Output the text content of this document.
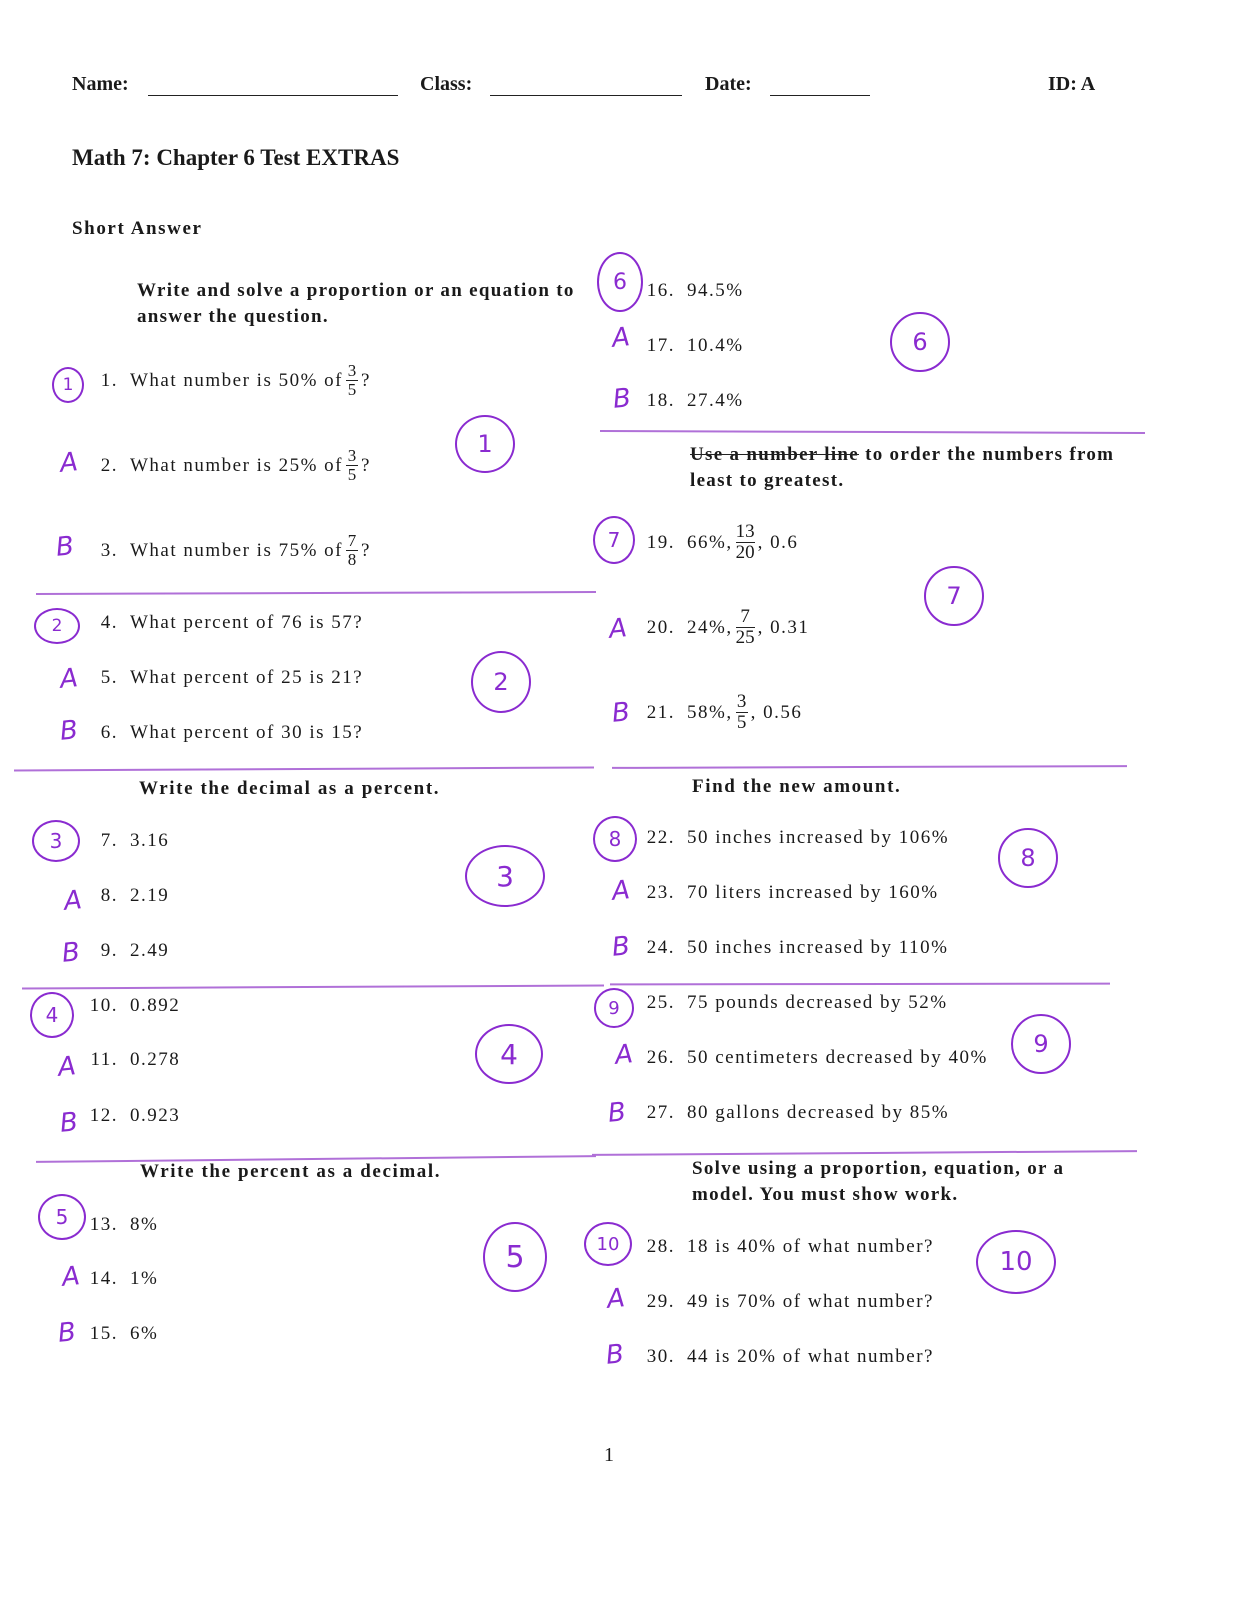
Name:	Class:	Date:	ID: A
Math 7: Chapter 6 Test EXTRAS
Short Answer
Write and solve a proportion or an equation to answer the question.
1. What number is 50% of $\frac{3}{5}$ ?
2. What number is 25% of $\frac{3}{5}$ ?
3. What number is 75% of $\frac{7}{8}$ ?
4. What percent of 76 is 57?
5. What percent of 25 is 21?
6. What percent of 30 is 15?
Write the decimal as a percent.
7. 3.16
8. 2.19
9. 2.49
10. 0.892
11. 0.278
12. 0.923
Write the percent as a decimal.
13. 8%
14. 1%
15. 6%
16. 94.5%
17. 10.4%
18. 27.4%
Use a number line to order the numbers from least to greatest.
19. 66%, $\frac{13}{20}$ , 0.6
20. 24%, $\frac{7}{25}$ , 0.31
21. 58%, $\frac{3}{5}$ , 0.56
Find the new amount.
22. 50 inches increased by 106%
23. 70 liters increased by 160%
24. 50 inches increased by 110%
25. 75 pounds decreased by 52%
26. 50 centimeters decreased by 40%
27. 80 gallons decreased by 85%
Solve using a proportion, equation, or a model. You must show work.
28. 18 is 40% of what number?
29. 49 is 70% of what number?
30. 44 is 20% of what number?
1
2
3
4
5
6
7
8
9
10
1
2
3
4
5
6
7
8
9
10
A
B
A
B
A
B
A
B
A
B
A
B
A
B
A
B
A
B
A
B
1
